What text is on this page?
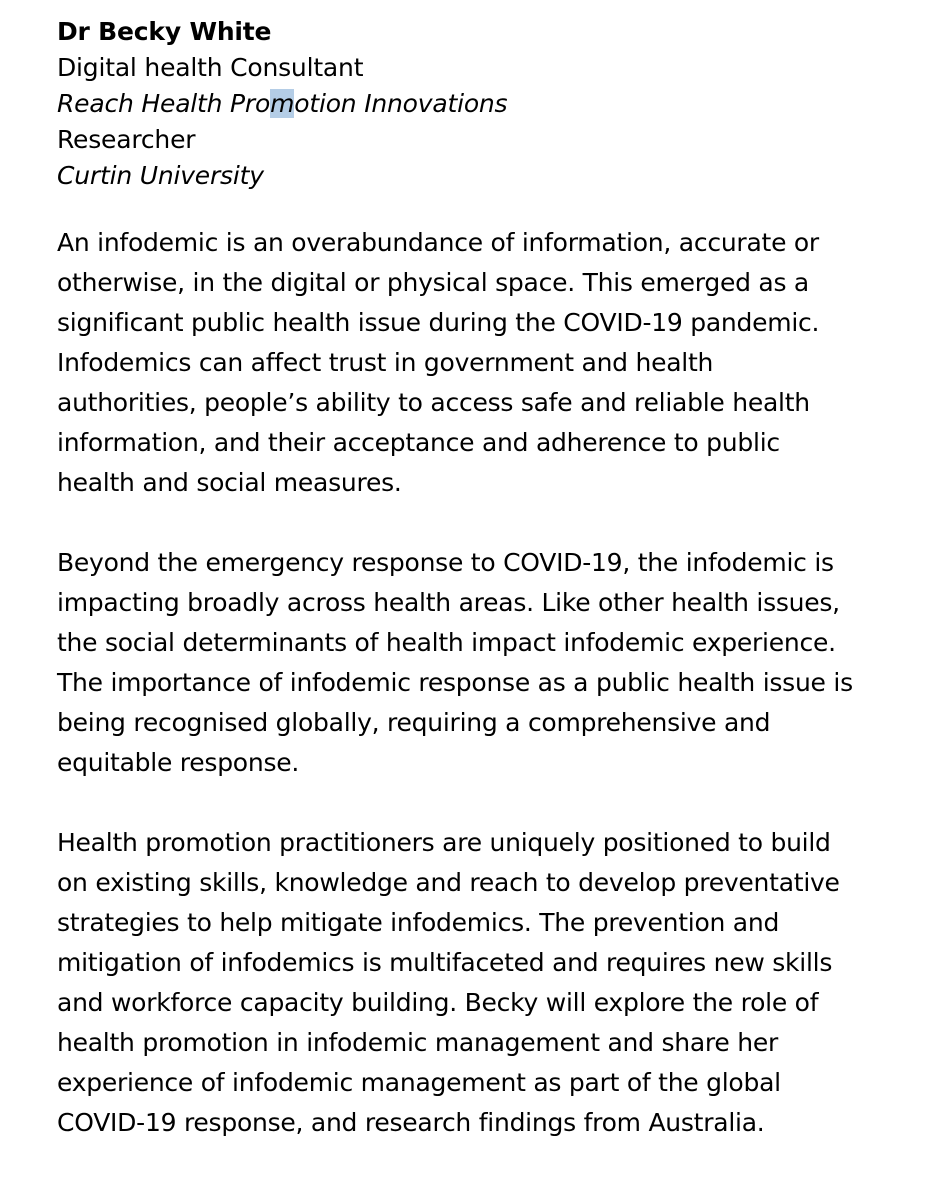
Dr Becky White
Digital health Consultant
Reach Health Promotion Innovations
Researcher
Curtin University

An infodemic is an overabundance of information, accurate or
otherwise, in the digital or physical space. This emerged as a
significant public health issue during the COVID-19 pandemic.
Infodemics can affect trust in government and health
authorities, people’s ability to access safe and reliable health
information, and their acceptance and adherence to public
health and social measures.

Beyond the emergency response to COVID-19, the infodemic is
impacting broadly across health areas. Like other health issues,
the social determinants of health impact infodemic experience.
The importance of infodemic response as a public health issue is
being recognised globally, requiring a comprehensive and
equitable response.

Health promotion practitioners are uniquely positioned to build
on existing skills, knowledge and reach to develop preventative
strategies to help mitigate infodemics. The prevention and
mitigation of infodemics is multifaceted and requires new skills
and workforce capacity building. Becky will explore the role of
health promotion in infodemic management and share her
experience of infodemic management as part of the global
COVID-19 response, and research findings from Australia.
